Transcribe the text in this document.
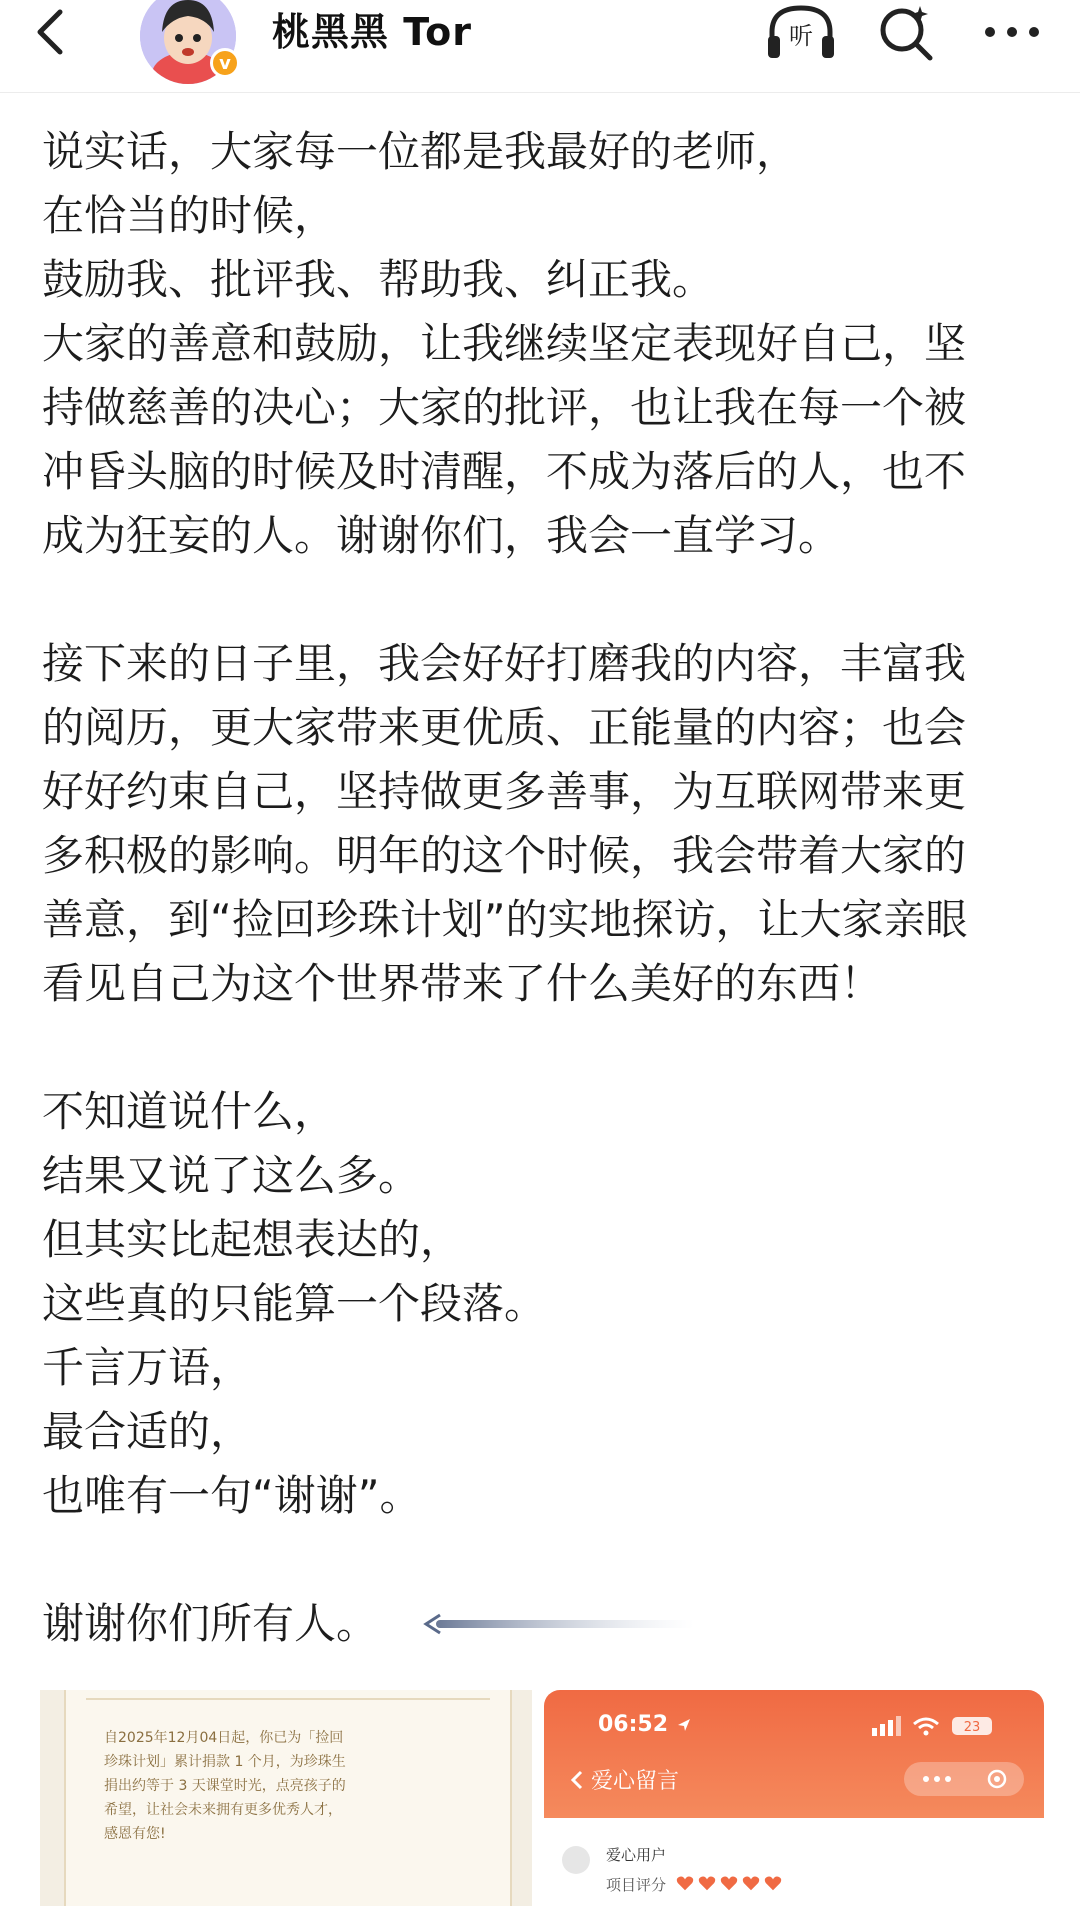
v
桃黑黑 Tor	听

说实话，大家每一位都是我最好的老师，

在恰当的时候，

鼓励我、批评我、帮助我、纠正我。

大家的善意和鼓励，让我继续坚定表现好自己，坚

持做慈善的决心；大家的批评，也让我在每一个被

冲昏头脑的时候及时清醒，不成为落后的人，也不

成为狂妄的人。谢谢你们，我会一直学习。

接下来的日子里，我会好好打磨我的内容，丰富我

的阅历，更大家带来更优质、正能量的内容；也会

好好约束自己，坚持做更多善事，为互联网带来更

多积极的影响。明年的这个时候，我会带着大家的

善意，到“捡回珍珠计划”的实地探访，让大家亲眼

看见自己为这个世界带来了什么美好的东西！

不知道说什么，

结果又说了这么多。

但其实比起想表达的，

这些真的只能算一个段落。

千言万语，

最合适的，

也唯有一句“谢谢”。

谢谢你们所有人。

自2025年12月04日起，你已为「捡回珍珠计划」累计捐款 1 个月，为珍珠生捐出约等于 3 天课堂时光，点亮孩子的希望，让社会未来拥有更多优秀人才，感恩有您!
06:52	23
爱心留言
爱心用户
项目评分
